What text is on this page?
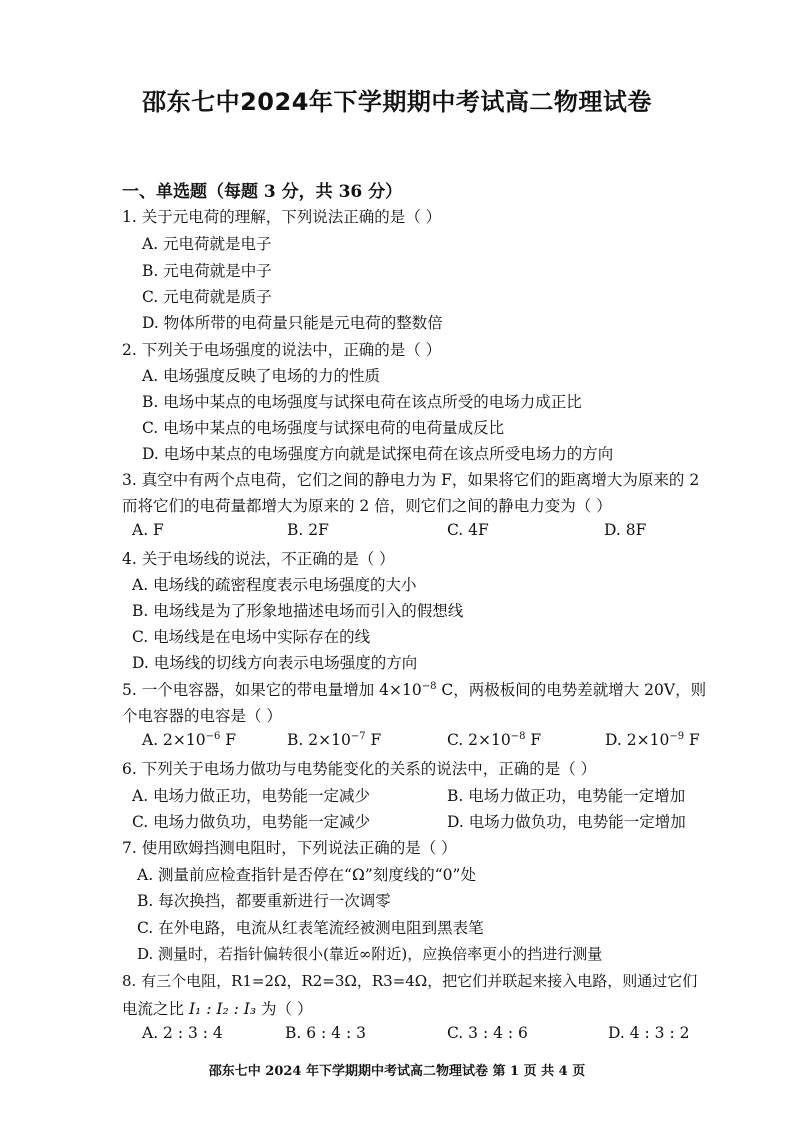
邵东七中2024年下学期期中考试高二物理试卷
一、单选题（每题 3 分，共 36 分）
1. 关于元电荷的理解，下列说法正确的是（ ）
A. 元电荷就是电子
B. 元电荷就是中子
C. 元电荷就是质子
D. 物体所带的电荷量只能是元电荷的整数倍
2. 下列关于电场强度的说法中，正确的是（ ）
A. 电场强度反映了电场的力的性质
B. 电场中某点的电场强度与试探电荷在该点所受的电场力成正比
C. 电场中某点的电场强度与试探电荷的电荷量成反比
D. 电场中某点的电场强度方向就是试探电荷在该点所受电场力的方向
3. 真空中有两个点电荷，它们之间的静电力为 F，如果将它们的距离增大为原来的 2
而将它们的电荷量都增大为原来的 2 倍，则它们之间的静电力变为（ ）
A. F	B. 2F	C. 4F	D. 8F
4. 关于电场线的说法，不正确的是（ ）
A. 电场线的疏密程度表示电场强度的大小
B. 电场线是为了形象地描述电场而引入的假想线
C. 电场线是在电场中实际存在的线
D. 电场线的切线方向表示电场强度的方向
5. 一个电容器，如果它的带电量增加 $4\times 10^{-8}$ C，两极板间的电势差就增大 20V，则
个电容器的电容是（ ）
A. $2\times 10^{-6}$ F	B. $2\times 10^{-7}$ F	C. $2\times 10^{-8}$ F	D. $2\times 10^{-9}$ F
6. 下列关于电场力做功与电势能变化的关系的说法中，正确的是（ ）
A. 电场力做正功，电势能一定减少	B. 电场力做正功，电势能一定增加
C. 电场力做负功，电势能一定减少	D. 电场力做负功，电势能一定增加
7. 使用欧姆挡测电阻时，下列说法正确的是（ ）
A. 测量前应检查指针是否停在“Ω”刻度线的“0”处
B. 每次换挡，都要重新进行一次调零
C. 在外电路，电流从红表笔流经被测电阻到黑表笔
D. 测量时，若指针偏转很小(靠近∞附近)，应换倍率更小的挡进行测量
8. 有三个电阻，R1=2Ω，R2=3Ω，R3=4Ω，把它们并联起来接入电路，则通过它们
电流之比 I₁ : I₂ : I₃ 为（ ）
A. 2 : 3 : 4	B. 6 : 4 : 3	C. 3 : 4 : 6	D. 4 : 3 : 2
邵东七中 2024 年下学期期中考试高二物理试卷 第 1 页 共 4 页
